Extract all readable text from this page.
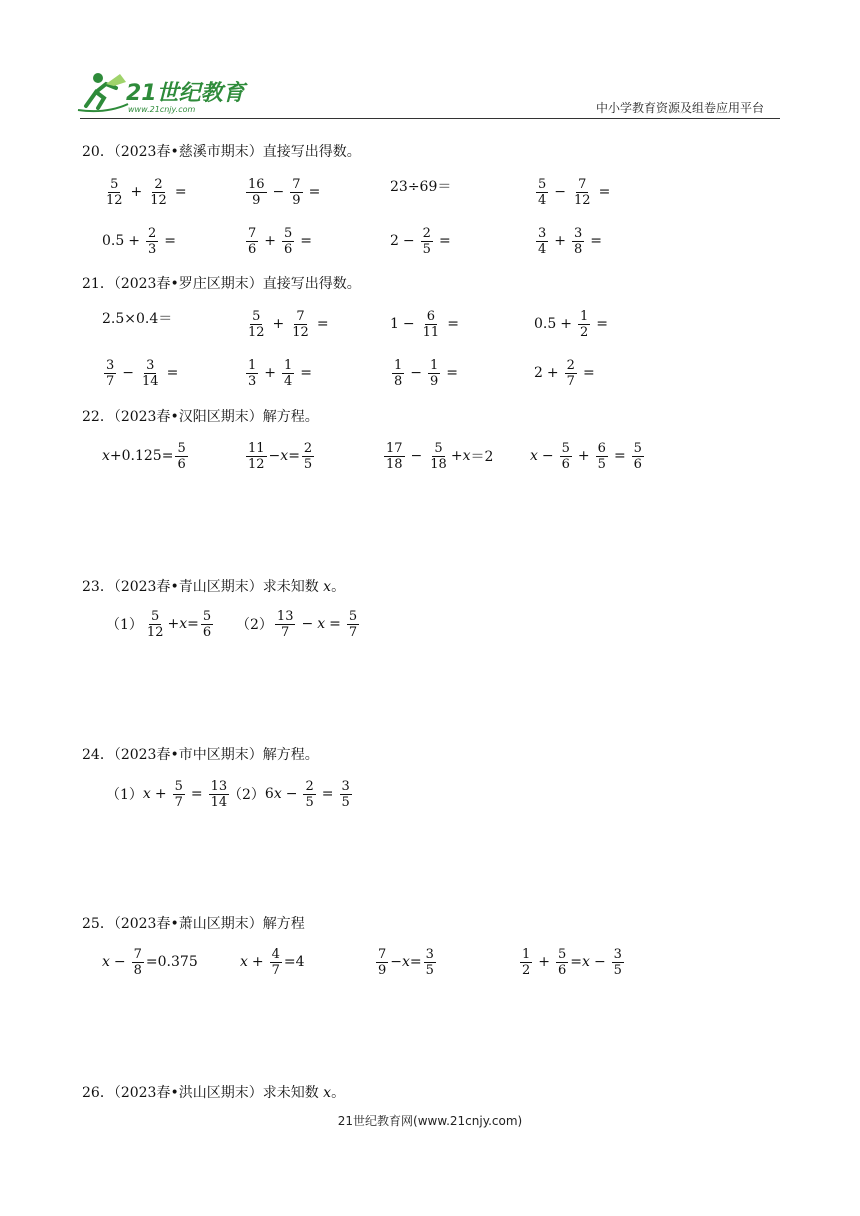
21世纪教育
www.21cnjy.com	中小学教育资源及组卷应用平台
20．（2023春•慈溪市期末）直接写出得数。
$\frac{5}{12} + \frac{2}{12}$ =	$\frac{16}{9} - \frac{7}{9}$ =	23÷69＝	$\frac{5}{4} - \frac{7}{12}$ =
$0.5 + \frac{2}{3}$ =	$\frac{7}{6} + \frac{5}{6}$ =	$2 - \frac{2}{5}$ =	$\frac{3}{4} + \frac{3}{8}$ =
21．（2023春•罗庄区期末）直接写出得数。
2.5×0.4＝	$\frac{5}{12} + \frac{7}{12}$ =	$1 - \frac{6}{11}$ =	$0.5 + \frac{1}{2}$ =
$\frac{3}{7} - \frac{3}{14}$ =	$\frac{1}{3} + \frac{1}{4}$ =	$\frac{1}{8} - \frac{1}{9}$ =	$2 + \frac{2}{7}$ =
22．（2023春•汉阳区期末）解方程。
$x +0.125= \frac{5}{6}$	$\frac{11}{12} - x = \frac{2}{5}$	$\frac{17}{18} - \frac{5}{18} + x =2$	$x - \frac{5}{6} + \frac{6}{5} = \frac{5}{6}$
23．（2023春•青山区期末）求未知数 x。
$(1) \frac{5}{12} + x = \frac{5}{6} (2) \frac{13}{7} - x = \frac{5}{7}$
24．（2023春•市中区期末）解方程。
（1） $x + \frac{5}{7} = \frac{13}{14}$
（2） 6 $x - \frac{2}{5} = \frac{3}{5}$
25．（2023春•萧山区期末）解方程
$x - \frac{7}{8} =0.375$	$x + \frac{4}{7} =4$	$\frac{7}{9} - x = \frac{3}{5}$	$\frac{1}{2} + \frac{5}{6} = x - \frac{3}{5}$
26．（2023春•洪山区期末）求未知数 x。
21世纪教育网(www.21cnjy.com)
